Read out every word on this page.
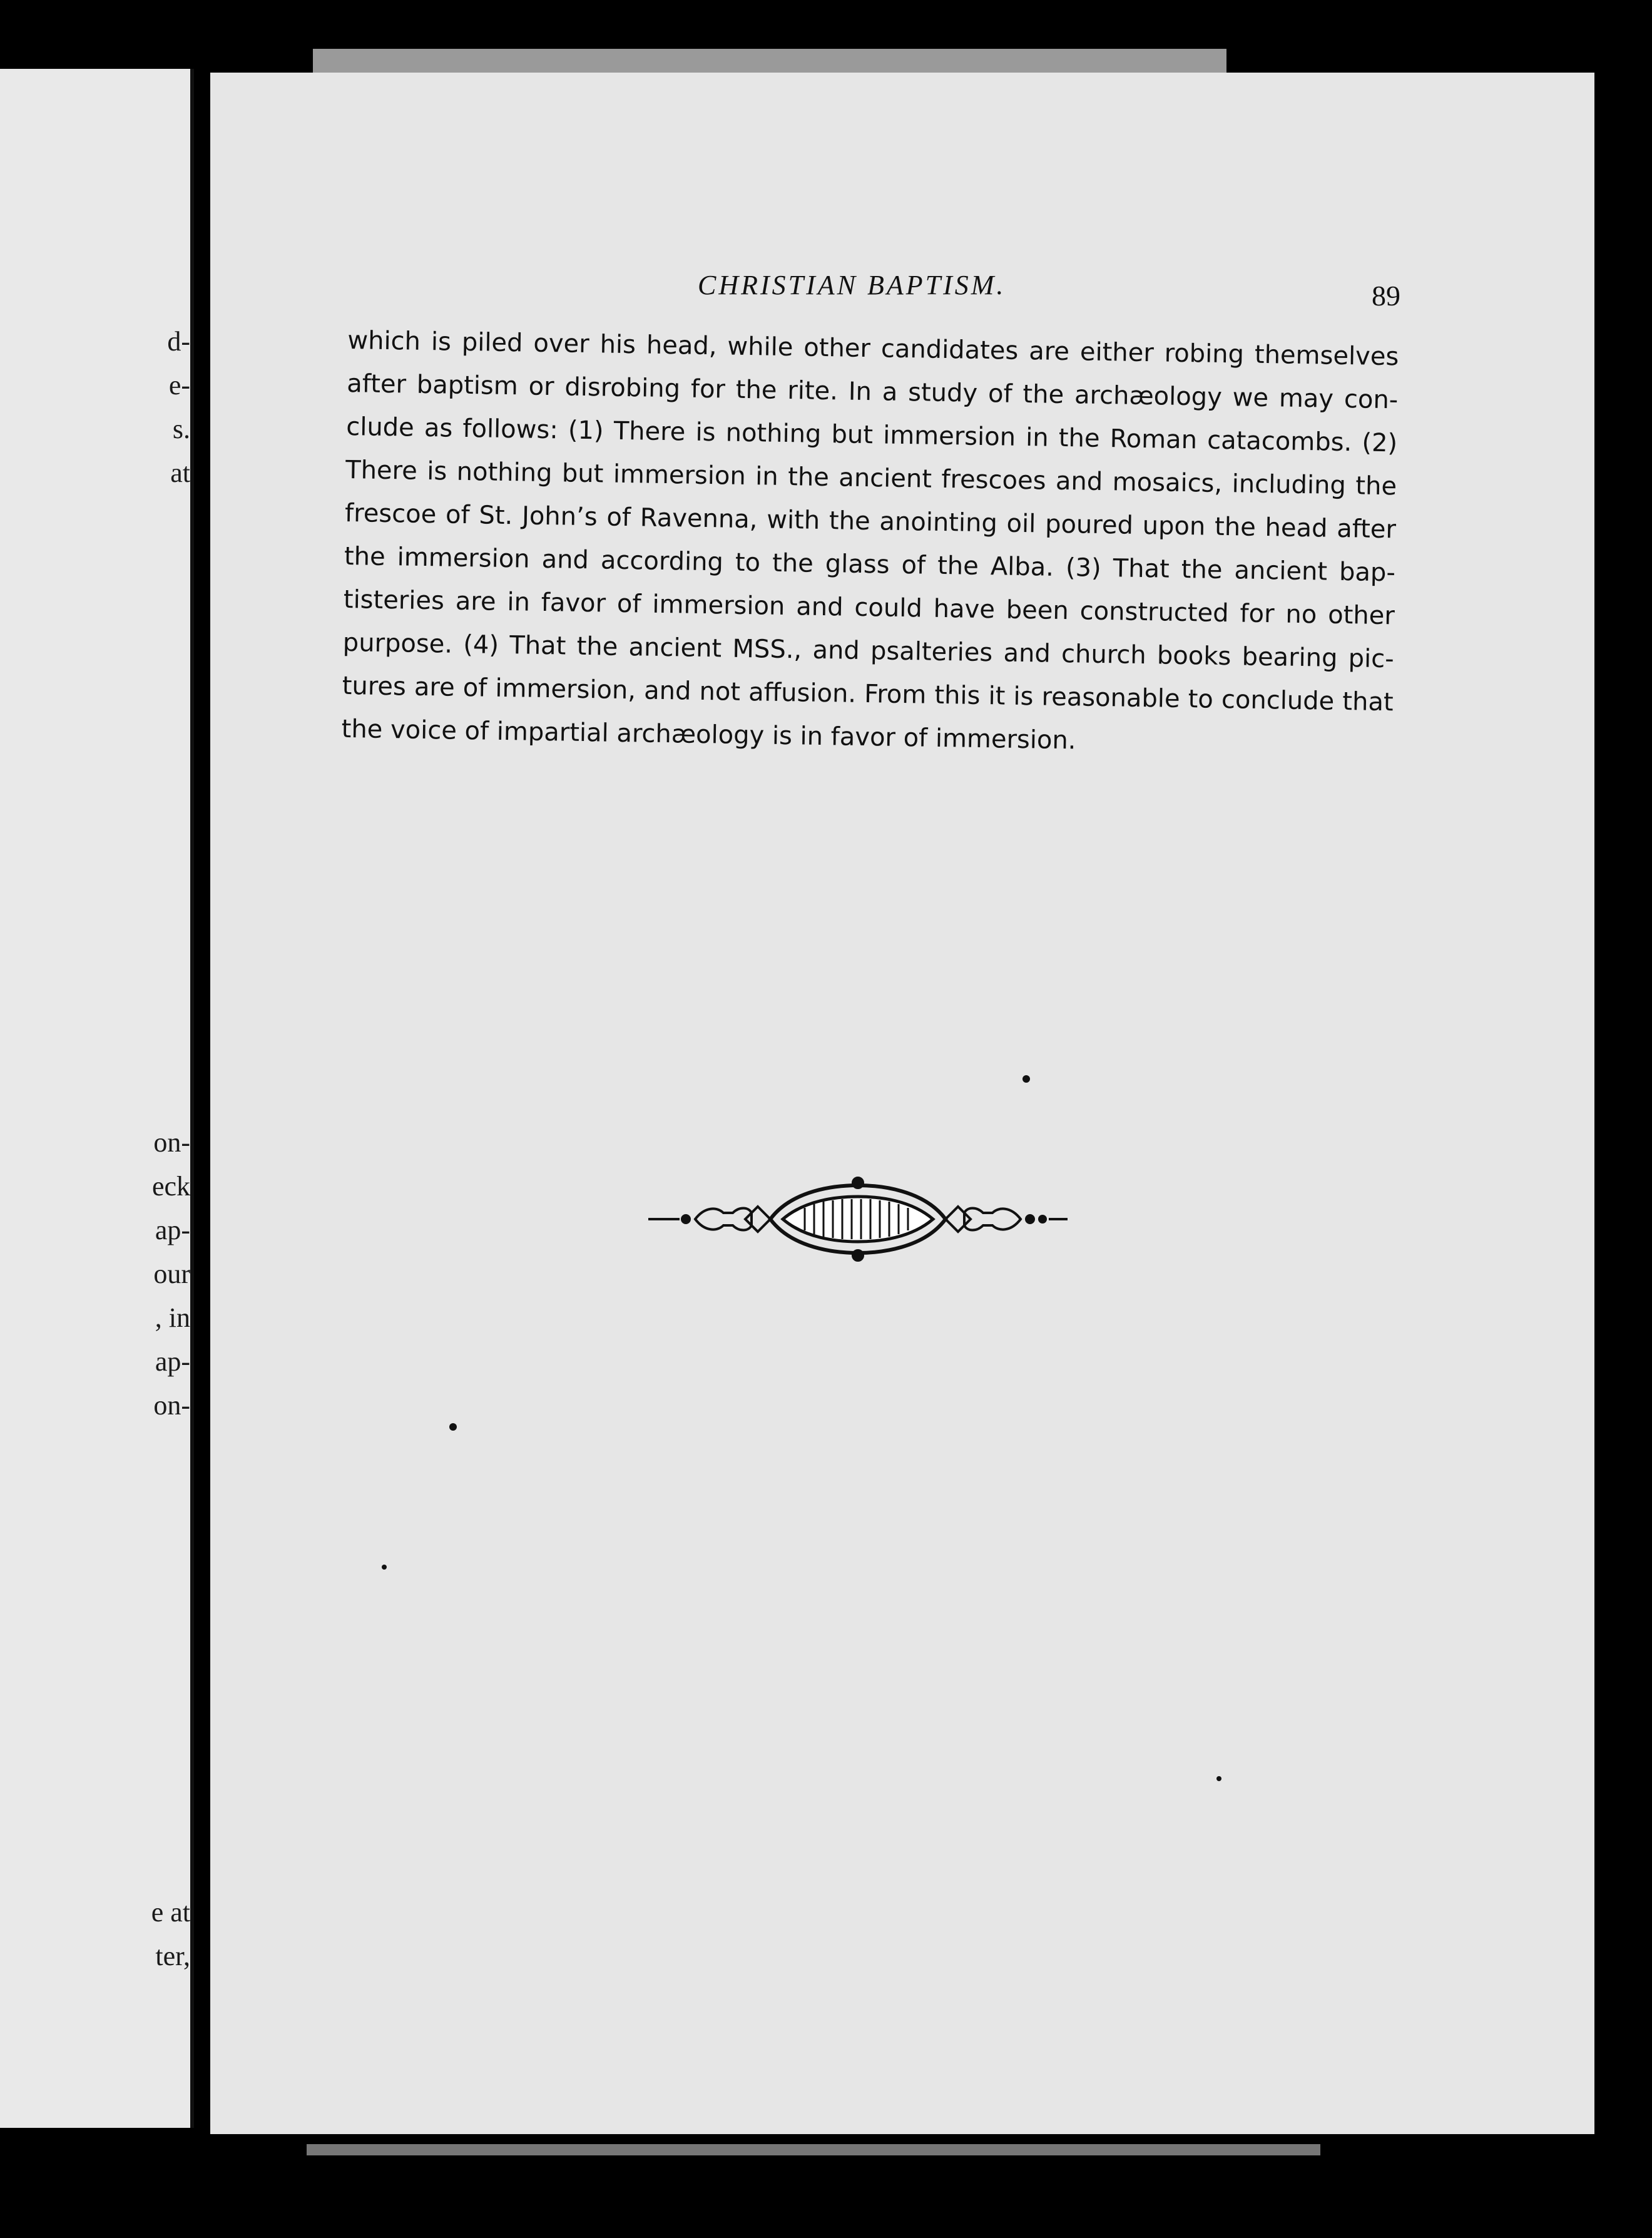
d-

e-

s.

at

on-

eck

ap-

our

, in

ap-

on-

e at

ter,

CHRISTIAN BAPTISM.	89

which is piled over his head, while other candidates are either robing themselves
after baptism or disrobing for the rite. In a study of the archæology we may con-
clude as follows: (1) There is nothing but immersion in the Roman catacombs. (2)
There is nothing but immersion in the ancient frescoes and mosaics, including the
frescoe of St. John’s of Ravenna, with the anointing oil poured upon the head after
the immersion and according to the glass of the Alba. (3) That the ancient bap-
tisteries are in favor of immersion and could have been constructed for no other
purpose. (4) That the ancient MSS., and psalteries and church books bearing pic-
tures are of immersion, and not affusion. From this it is reasonable to conclude that
the voice of impartial archæology is in favor of immersion.
